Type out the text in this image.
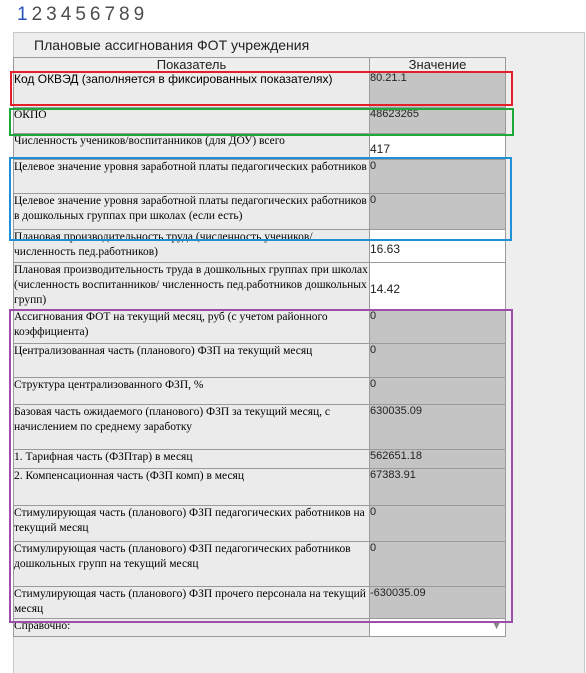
1 2 3 4 5 6 7 8 9
Плановые ассигнования ФОТ учреждения
Показатель	Значение
Код ОКВЭД (заполняется в фиксированных показателях)	80.21.1
ОКПО	48623265
Численность учеников/воспитанников (для ДОУ) всего	417
Целевое значение уровня заработной платы педагогических работников	0
Целевое значение уровня заработной платы педагогических работников в дошкольных группах при школах (если есть)	0
Плановая производительность труда (численность учеников/ численность пед.работников)	16.63
Плановая производительность труда в дошкольных группах при школах (численность воспитанников/ численность пед.работников дошкольных групп)	14.42
Ассигнования ФОТ на текущий месяц, руб (с учетом районного коэффициента)	0
Централизованная часть (планового) ФЗП на текущий месяц	0
Структура централизованного ФЗП, %	0
Базовая часть ожидаемого (планового) ФЗП за текущий месяц, с начислением по среднему заработку	630035.09
1. Тарифная часть (ФЗПтар) в месяц	562651.18
2. Компенсационная часть (ФЗП комп) в месяц	67383.91
Стимулирующая часть (планового) ФЗП педагогических работников на текущий месяц	0
Стимулирующая часть (планового) ФЗП педагогических работников дошкольных групп на текущий месяц	0
Стимулирующая часть (планового) ФЗП прочего персонала на текущий месяц	-630035.09
Справочно:	▼
